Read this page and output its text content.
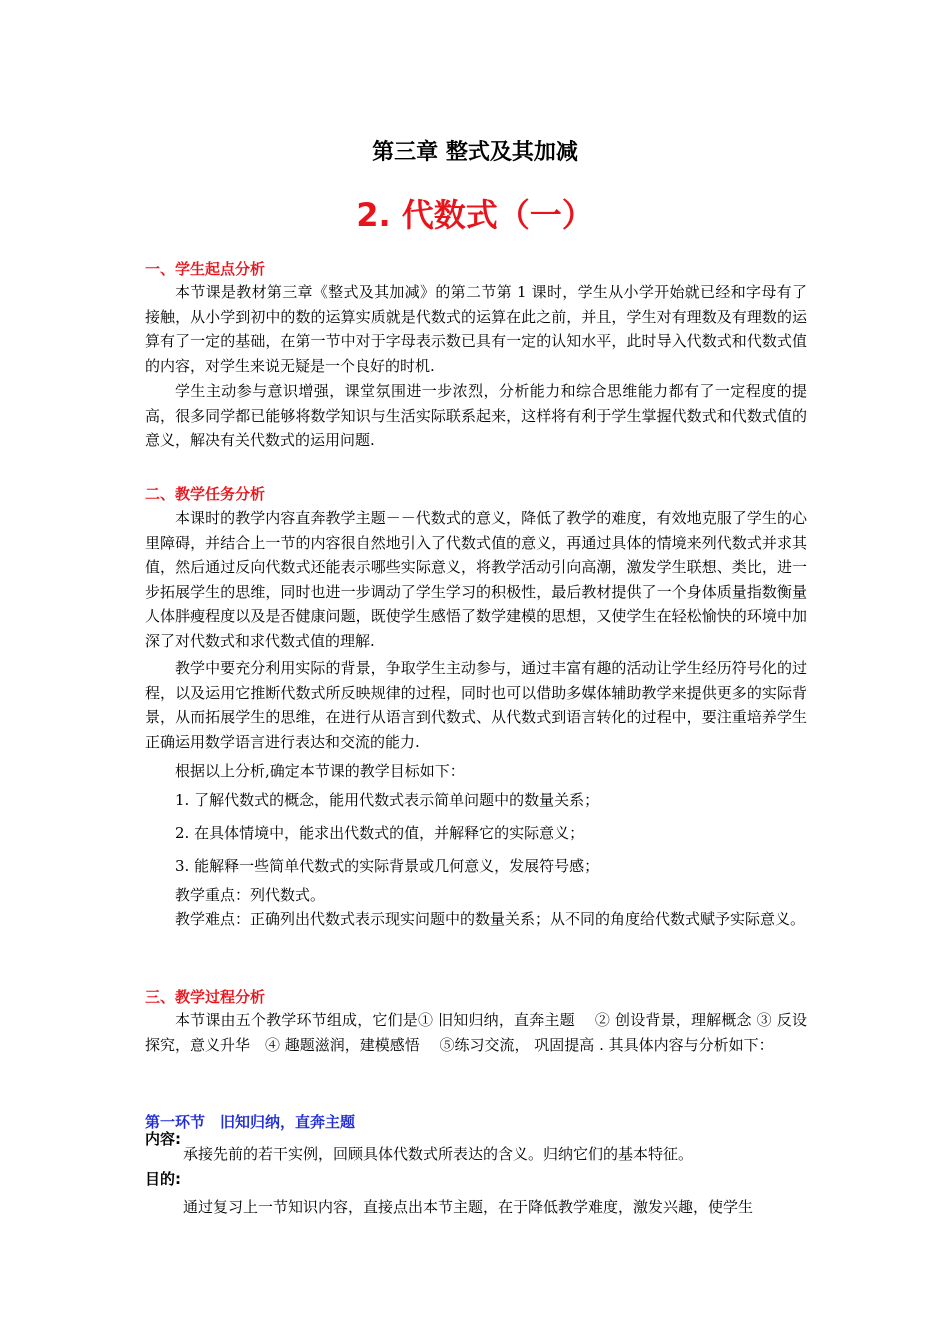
第三章 整式及其加减
2. 代数式（一）
一、学生起点分析
本节课是教材第三章《整式及其加减》的第二节第 1 课时，学生从小学开始就已经和字母有了接触，从小学到初中的数的运算实质就是代数式的运算在此之前，并且，学生对有理数及有理数的运算有了一定的基础，在第一节中对于字母表示数已具有一定的认知水平，此时导入代数式和代数式值的内容，对学生来说无疑是一个良好的时机.
学生主动参与意识增强，课堂氛围进一步浓烈，分析能力和综合思维能力都有了一定程度的提高，很多同学都已能够将数学知识与生活实际联系起来，这样将有利于学生掌握代数式和代数式值的意义，解决有关代数式的运用问题.
二、教学任务分析
本课时的教学内容直奔教学主题－－代数式的意义，降低了教学的难度，有效地克服了学生的心里障碍，并结合上一节的内容很自然地引入了代数式值的意义，再通过具体的情境来列代数式并求其值，然后通过反向代数式还能表示哪些实际意义，将教学活动引向高潮，激发学生联想、类比，进一步拓展学生的思维，同时也进一步调动了学生学习的积极性，最后教材提供了一个身体质量指数衡量人体胖瘦程度以及是否健康问题，既使学生感悟了数学建模的思想，又使学生在轻松愉快的环境中加深了对代数式和求代数式值的理解.
教学中要充分利用实际的背景，争取学生主动参与，通过丰富有趣的活动让学生经历符号化的过程，以及运用它推断代数式所反映规律的过程，同时也可以借助多媒体辅助教学来提供更多的实际背景，从而拓展学生的思维，在进行从语言到代数式、从代数式到语言转化的过程中，要注重培养学生正确运用数学语言进行表达和交流的能力.
根据以上分析,确定本节课的教学目标如下：
1. 了解代数式的概念，能用代数式表示简单问题中的数量关系；
2. 在具体情境中，能求出代数式的值，并解释它的实际意义；
3. 能解释一些简单代数式的实际背景或几何意义，发展符号感；
教学重点：列代数式。
教学难点：正确列出代数式表示现实问题中的数量关系；从不同的角度给代数式赋予实际意义。
三、教学过程分析
本节课由五个教学环节组成，它们是① 旧知归纳，直奔主题　 ② 创设背景，理解概念 ③ 反设探究，意义升华　④ 趣题滋润，建模感悟　 ⑤练习交流， 巩固提高 . 其具体内容与分析如下：
第一环节　旧知归纳，直奔主题
内容:
承接先前的若干实例，回顾具体代数式所表达的含义。归纳它们的基本特征。
目的:
通过复习上一节知识内容，直接点出本节主题，在于降低教学难度，激发兴趣，使学生
